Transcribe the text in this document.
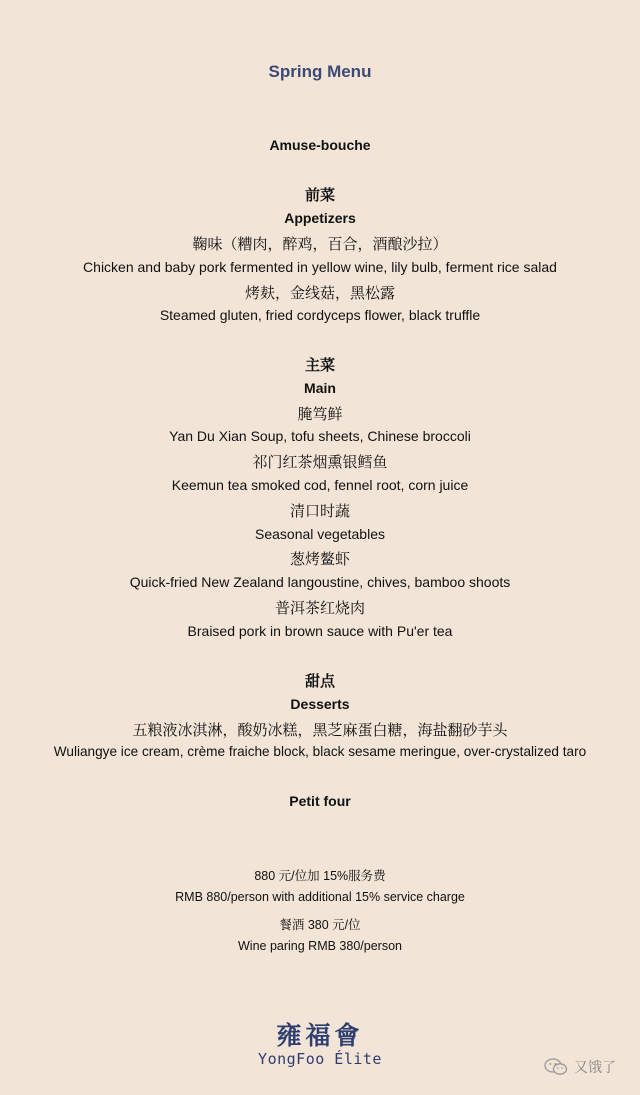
Spring Menu
Amuse-bouche
前菜
Appetizers
鞠味（糟肉，醉鸡，百合，酒酿沙拉）
Chicken and baby pork fermented in yellow wine, lily bulb, ferment rice salad
烤麸，金线菇，黑松露
Steamed gluten, fried cordyceps flower, black truffle
主菜
Main
腌笃鲜
Yan Du Xian Soup, tofu sheets, Chinese broccoli
祁门红茶烟熏银鳕鱼
Keemun tea smoked cod, fennel root, corn juice
清口时蔬
Seasonal vegetables
葱烤鳌虾
Quick-fried New Zealand langoustine, chives, bamboo shoots
普洱茶红烧肉
Braised pork in brown sauce with Pu'er tea
甜点
Desserts
五粮液冰淇淋，酸奶冰糕，黑芝麻蛋白糖，海盐翻砂芋头
Wuliangye ice cream, crème fraiche block, black sesame meringue, over-crystalized taro
Petit four
880 元/位加 15%服务费
RMB 880/person with additional 15% service charge
餐酒 380 元/位
Wine paring RMB 380/person
雍福會
YongFoo Élite	又饿了
